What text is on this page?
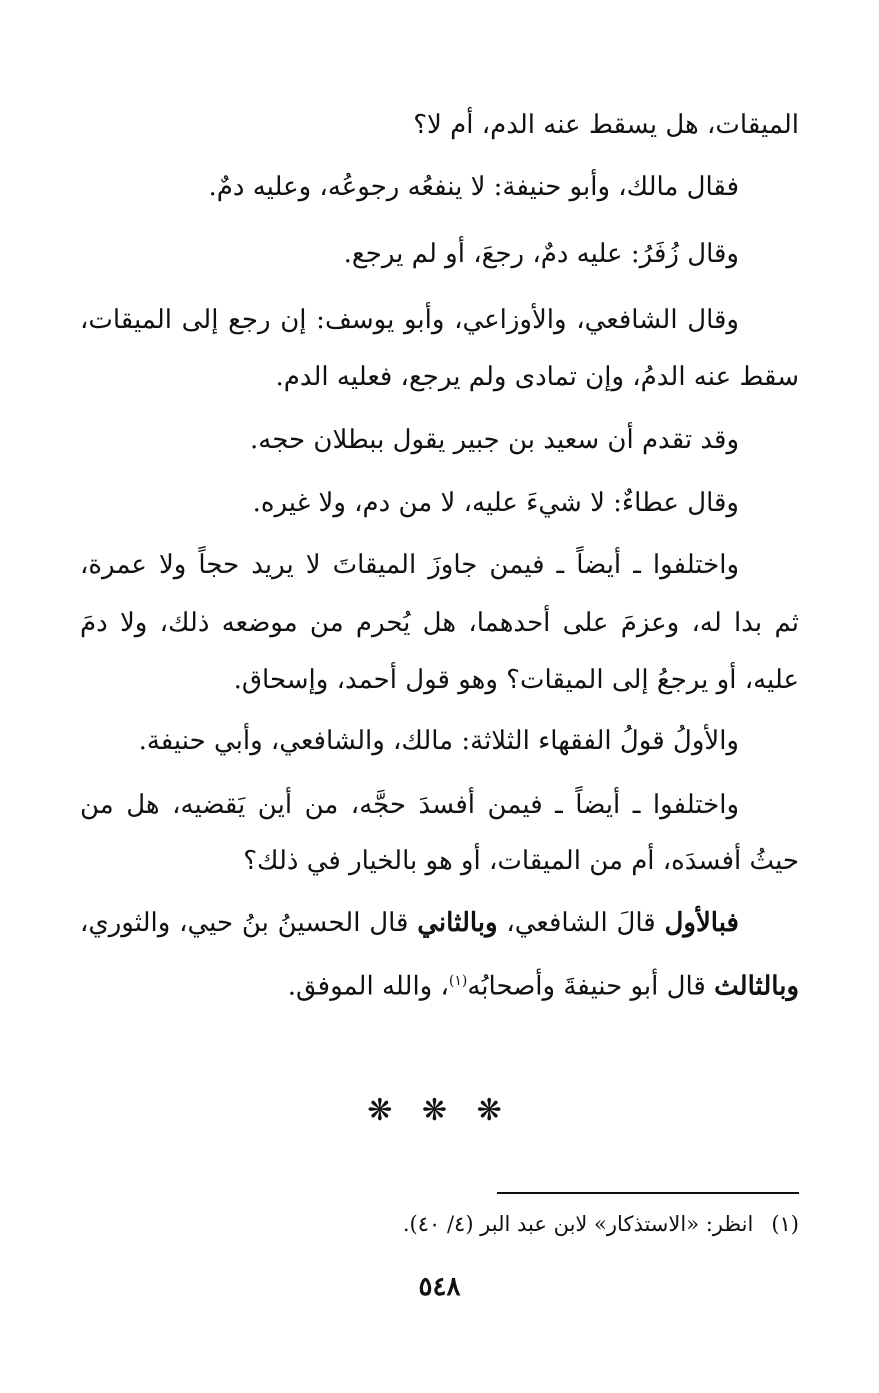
الميقات، هل يسقط عنه الدم، أم لا؟
فقال مالك، وأبو حنيفة: لا ينفعُه رجوعُه، وعليه دمٌ.
وقال زُفَرُ: عليه دمٌ، رجعَ، أو لم يرجع.
وقال الشافعي، والأوزاعي، وأبو يوسف: إن رجع إلى الميقات،
سقط عنه الدمُ، وإن تمادى ولم يرجع، فعليه الدم.
وقد تقدم أن سعيد بن جبير يقول ببطلان حجه.
وقال عطاءٌ: لا شيءَ عليه، لا من دم، ولا غيره.
واختلفوا ـ أيضاً ـ فيمن جاوزَ الميقاتَ لا يريد حجاً ولا عمرة،
ثم بدا له، وعزمَ على أحدهما، هل يُحرم من موضعه ذلك، ولا دمَ
عليه، أو يرجعُ إلى الميقات؟ وهو قول أحمد، وإسحاق.
والأولُ قولُ الفقهاء الثلاثة: مالك، والشافعي، وأبي حنيفة.
واختلفوا ـ أيضاً ـ فيمن أفسدَ حجَّه، من أين يَقضيه، هل من
حيثُ أفسدَه، أم من الميقات، أو هو بالخيار في ذلك؟
فبالأول قالَ الشافعي، وبالثاني قال الحسينُ بنُ حيي، والثوري،
وبالثالث قال أبو حنيفةَ وأصحابُه$^{(١)}$، والله الموفق.
❋ ❋ ❋
(١)انظر: «الاستذكار» لابن عبد البر (٤/ ٤٠).
٥٤٨
